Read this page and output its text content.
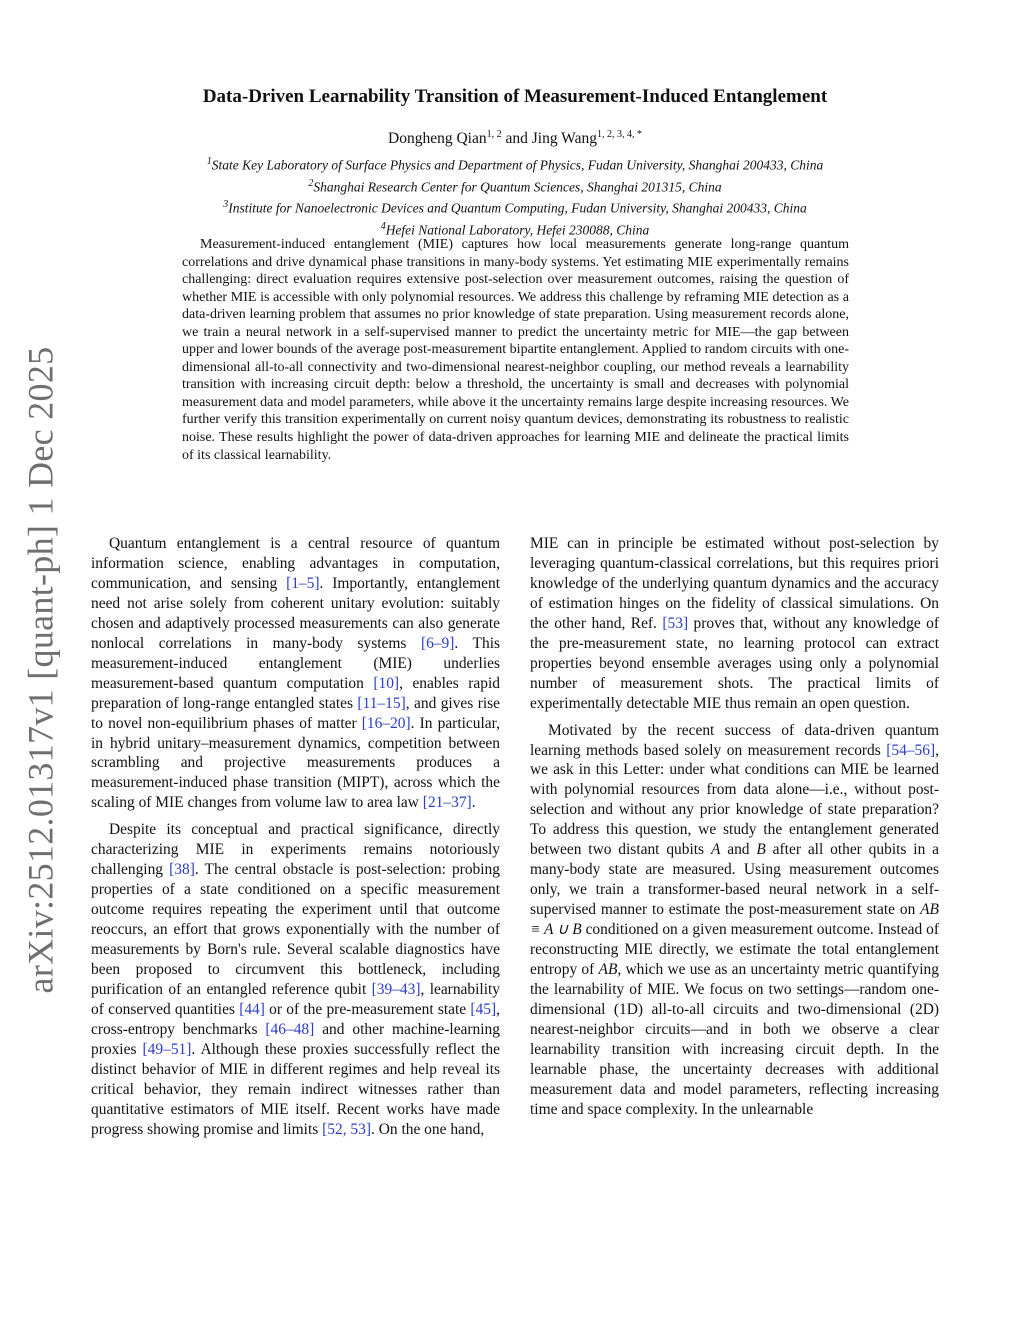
arXiv:2512.01317v1 [quant-ph] 1 Dec 2025
Data-Driven Learnability Transition of Measurement-Induced Entanglement
Dongheng Qian$^{1, 2}$ and Jing Wang$^{1, 2, 3, 4, *}$
$^1$State Key Laboratory of Surface Physics and Department of Physics, Fudan University, Shanghai 200433, China
$^2$Shanghai Research Center for Quantum Sciences, Shanghai 201315, China
$^3$Institute for Nanoelectronic Devices and Quantum Computing, Fudan University, Shanghai 200433, China
$^4$Hefei National Laboratory, Hefei 230088, China

Measurement-induced entanglement (MIE) captures how local measurements generate long-range quantum correlations and drive dynamical phase transitions in many-body systems. Yet estimating MIE experimentally remains challenging: direct evaluation requires extensive post-selection over measurement outcomes, raising the question of whether MIE is accessible with only polynomial resources. We address this challenge by reframing MIE detection as a data-driven learning problem that assumes no prior knowledge of state preparation. Using measurement records alone, we train a neural network in a self-supervised manner to predict the uncertainty metric for MIE—the gap between upper and lower bounds of the average post-measurement bipartite entanglement. Applied to random circuits with one-dimensional all-to-all connectivity and two-dimensional nearest-neighbor coupling, our method reveals a learnability transition with increasing circuit depth: below a threshold, the uncertainty is small and decreases with polynomial measurement data and model parameters, while above it the uncertainty remains large despite increasing resources. We further verify this transition experimentally on current noisy quantum devices, demonstrating its robustness to realistic noise. These results highlight the power of data-driven approaches for learning MIE and delineate the practical limits of its classical learnability.

Quantum entanglement is a central resource of quantum information science, enabling advantages in computation, communication, and sensing [1–5]. Importantly, entanglement need not arise solely from coherent unitary evolution: suitably chosen and adaptively processed measurements can also generate nonlocal correlations in many-body systems [6–9]. This measurement-induced entanglement (MIE) underlies measurement-based quantum computation [10], enables rapid preparation of long-range entangled states [11–15], and gives rise to novel non-equilibrium phases of matter [16–20]. In particular, in hybrid unitary–measurement dynamics, competition between scrambling and projective measurements produces a measurement-induced phase transition (MIPT), across which the scaling of MIE changes from volume law to area law [21–37].

Despite its conceptual and practical significance, directly characterizing MIE in experiments remains notoriously challenging [38]. The central obstacle is post-selection: probing properties of a state conditioned on a specific measurement outcome requires repeating the experiment until that outcome reoccurs, an effort that grows exponentially with the number of measurements by Born's rule. Several scalable diagnostics have been proposed to circumvent this bottleneck, including purification of an entangled reference qubit [39–43], learnability of conserved quantities [44] or of the pre-measurement state [45], cross-entropy benchmarks [46–48] and other machine-learning proxies [49–51]. Although these proxies successfully reflect the distinct behavior of MIE in different regimes and help reveal its critical behavior, they remain indirect witnesses rather than quantitative estimators of MIE itself. Recent works have made progress showing promise and limits [52, 53]. On the one hand,

MIE can in principle be estimated without post-selection by leveraging quantum-classical correlations, but this requires priori knowledge of the underlying quantum dynamics and the accuracy of estimation hinges on the fidelity of classical simulations. On the other hand, Ref. [53] proves that, without any knowledge of the pre-measurement state, no learning protocol can extract properties beyond ensemble averages using only a polynomial number of measurement shots. The practical limits of experimentally detectable MIE thus remain an open question.

Motivated by the recent success of data-driven quantum learning methods based solely on measurement records [54–56], we ask in this Letter: under what conditions can MIE be learned with polynomial resources from data alone—i.e., without post-selection and without any prior knowledge of state preparation? To address this question, we study the entanglement generated between two distant qubits A and B after all other qubits in a many-body state are measured. Using measurement outcomes only, we train a transformer-based neural network in a self-supervised manner to estimate the post-measurement state on AB ≡ A ∪ B conditioned on a given measurement outcome. Instead of reconstructing MIE directly, we estimate the total entanglement entropy of AB, which we use as an uncertainty metric quantifying the learnability of MIE. We focus on two settings—random one-dimensional (1D) all-to-all circuits and two-dimensional (2D) nearest-neighbor circuits—and in both we observe a clear learnability transition with increasing circuit depth. In the learnable phase, the uncertainty decreases with additional measurement data and model parameters, reflecting increasing time and space complexity. In the unlearnable
